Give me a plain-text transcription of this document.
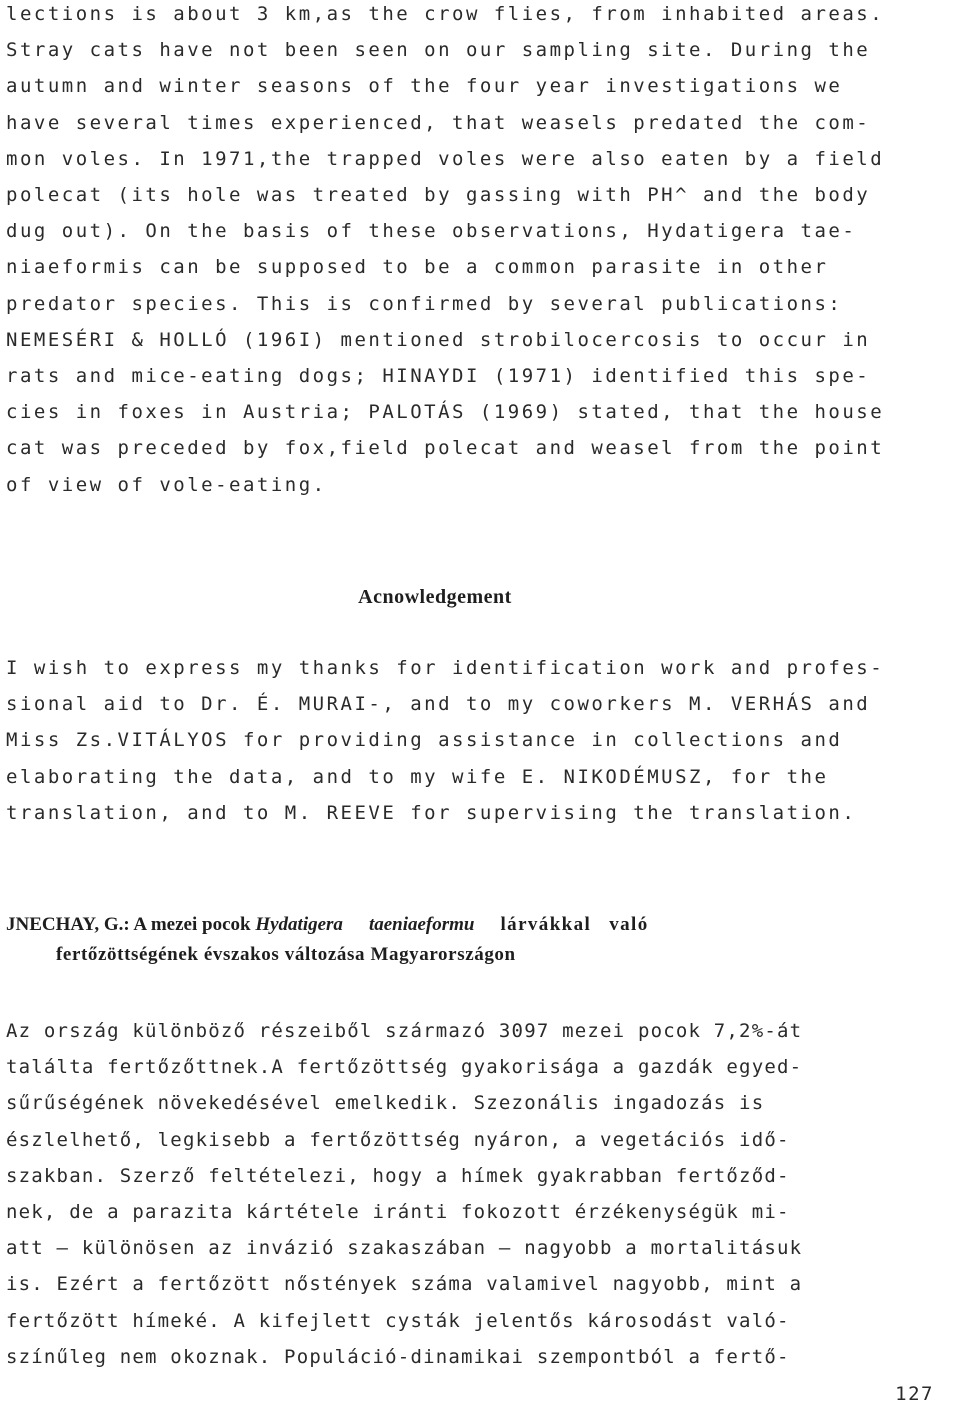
lections is about 3 km,as the crow flies, from inhabited areas.
Stray cats have not been seen on our sampling site. During the
autumn and winter seasons of the four year investigations we
have several times experienced, that weasels predated the com-
mon voles. In 1971,the trapped voles were also eaten by a field
polecat (its hole was treated by gassing with PH^ and the body
dug out). On the basis of these observations, Hydatigera tae-
niaeformis can be supposed to be a common parasite in other
predator species. This is confirmed by several publications:
NEMESÉRI & HOLLÓ (196I) mentioned strobilocercosis to occur in
rats and mice-eating dogs; HINAYDI (1971) identified this spe-
cies in foxes in Austria; PALOTÁS (1969) stated, that the house
cat was preceded by fox,field polecat and weasel from the point
of view of vole-eating.
Acnowledgement
I wish to express my thanks for identification work and profes-
sional aid to Dr. É. MURAI-, and to my coworkers M. VERHÁS and
Miss Zs.VITÁLYOS for providing assistance in collections and
elaborating the data, and to my wife E. NIKODÉMUSZ, for the
translation, and to M. REEVE for supervising the translation.
JNECHAY, G.: A mezei pocok Hydatigera taeniaeformu lárvákkal való
fertőzöttségének évszakos változása Magyarországon
Az ország különböző részeiből származó 3097 mezei pocok 7,2%-át
találta fertőzőttnek.A fertőzöttség gyakorisága a gazdák egyed-
sűrűségének növekedésével emelkedik. Szezonális ingadozás is
észlelhető, legkisebb a fertőzöttség nyáron, a vegetációs idő-
szakban. Szerző feltételezi, hogy a hímek gyakrabban fertőződ-
nek, de a parazita kártétele iránti fokozott érzékenységük mi-
att – különösen az invázió szakaszában – nagyobb a mortalitásuk
is. Ezért a fertőzött nőstények száma valamivel nagyobb, mint a
fertőzött hímeké. A kifejlett cysták jelentős károsodást való-
színűleg nem okoznak. Populáció-dinamikai szempontból a fertő-
127
